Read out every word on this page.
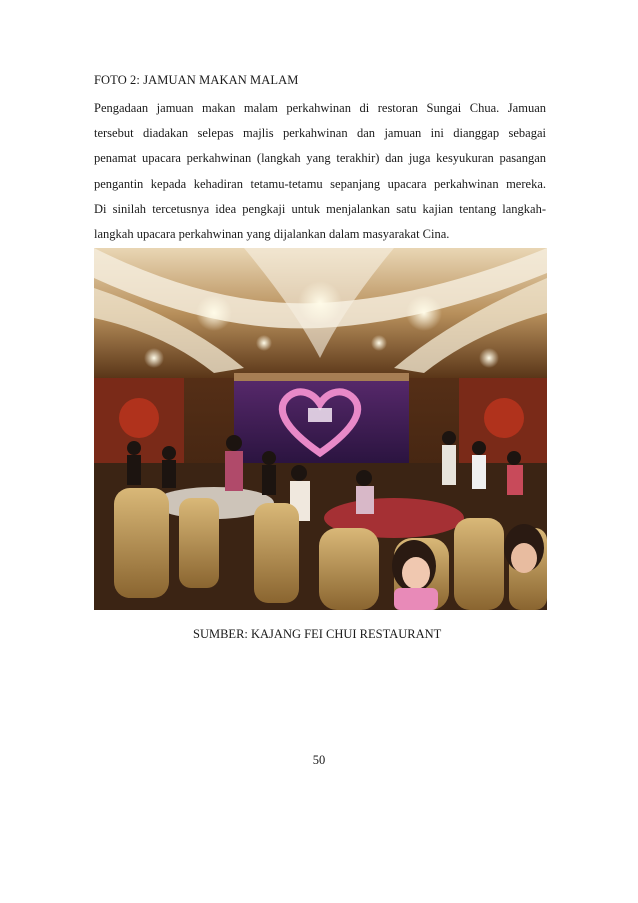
FOTO 2: JAMUAN MAKAN MALAM
Pengadaan jamuan makan malam perkahwinan di restoran Sungai Chua. Jamuan
tersebut diadakan selepas majlis perkahwinan dan jamuan ini dianggap sebagai
penamat upacara perkahwinan (langkah yang terakhir) dan juga kesyukuran pasangan
pengantin kepada kehadiran tetamu-tetamu sepanjang upacara perkahwinan mereka.
Di sinilah tercetusnya idea pengkaji untuk menjalankan satu kajian tentang langkah-
langkah upacara perkahwinan yang dijalankan dalam masyarakat Cina.
SUMBER: KAJANG FEI CHUI RESTAURANT
50
